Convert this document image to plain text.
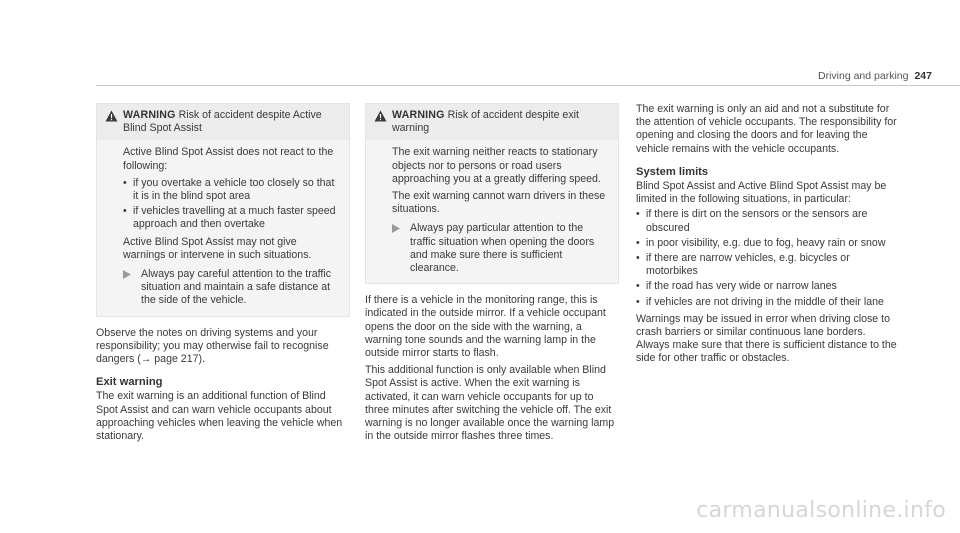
Driving and parking 247
WARNING Risk of accident despite Active Blind Spot Assist

Active Blind Spot Assist does not react to the following:

• if you overtake a vehicle too closely so that it is in the blind spot area
• if vehicles travelling at a much faster speed approach and then overtake

Active Blind Spot Assist may not give warnings or intervene in such situations.

Always pay careful attention to the traffic situation and maintain a safe distance at the side of the vehicle.

Observe the notes on driving systems and your responsibility; you may otherwise fail to recognise dangers (→ page 217).

Exit warning

The exit warning is an additional function of Blind Spot Assist and can warn vehicle occupants about approaching vehicles when leaving the vehicle when stationary.

WARNING Risk of accident despite exit warning

The exit warning neither reacts to stationary objects nor to persons or road users approaching you at a greatly differing speed.

The exit warning cannot warn drivers in these situations.

Always pay particular attention to the traffic situation when opening the doors and make sure there is sufficient clearance.

If there is a vehicle in the monitoring range, this is indicated in the outside mirror. If a vehicle occupant opens the door on the side with the warning, a warning tone sounds and the warning lamp in the outside mirror starts to flash.

This additional function is only available when Blind Spot Assist is active. When the exit warning is activated, it can warn vehicle occupants for up to three minutes after switching the vehicle off. The exit warning is no longer available once the warning lamp in the outside mirror flashes three times.

The exit warning is only an aid and not a substitute for the attention of vehicle occupants. The responsibility for opening and closing the doors and for leaving the vehicle remains with the vehicle occupants.

System limits

Blind Spot Assist and Active Blind Spot Assist may be limited in the following situations, in particular:

• if there is dirt on the sensors or the sensors are obscured
• in poor visibility, e.g. due to fog, heavy rain or snow
• if there are narrow vehicles, e.g. bicycles or motorbikes
• if the road has very wide or narrow lanes
• if vehicles are not driving in the middle of their lane

Warnings may be issued in error when driving close to crash barriers or similar continuous lane borders. Always make sure that there is sufficient distance to the side for other traffic or obstacles.

carmanualsonline.info
